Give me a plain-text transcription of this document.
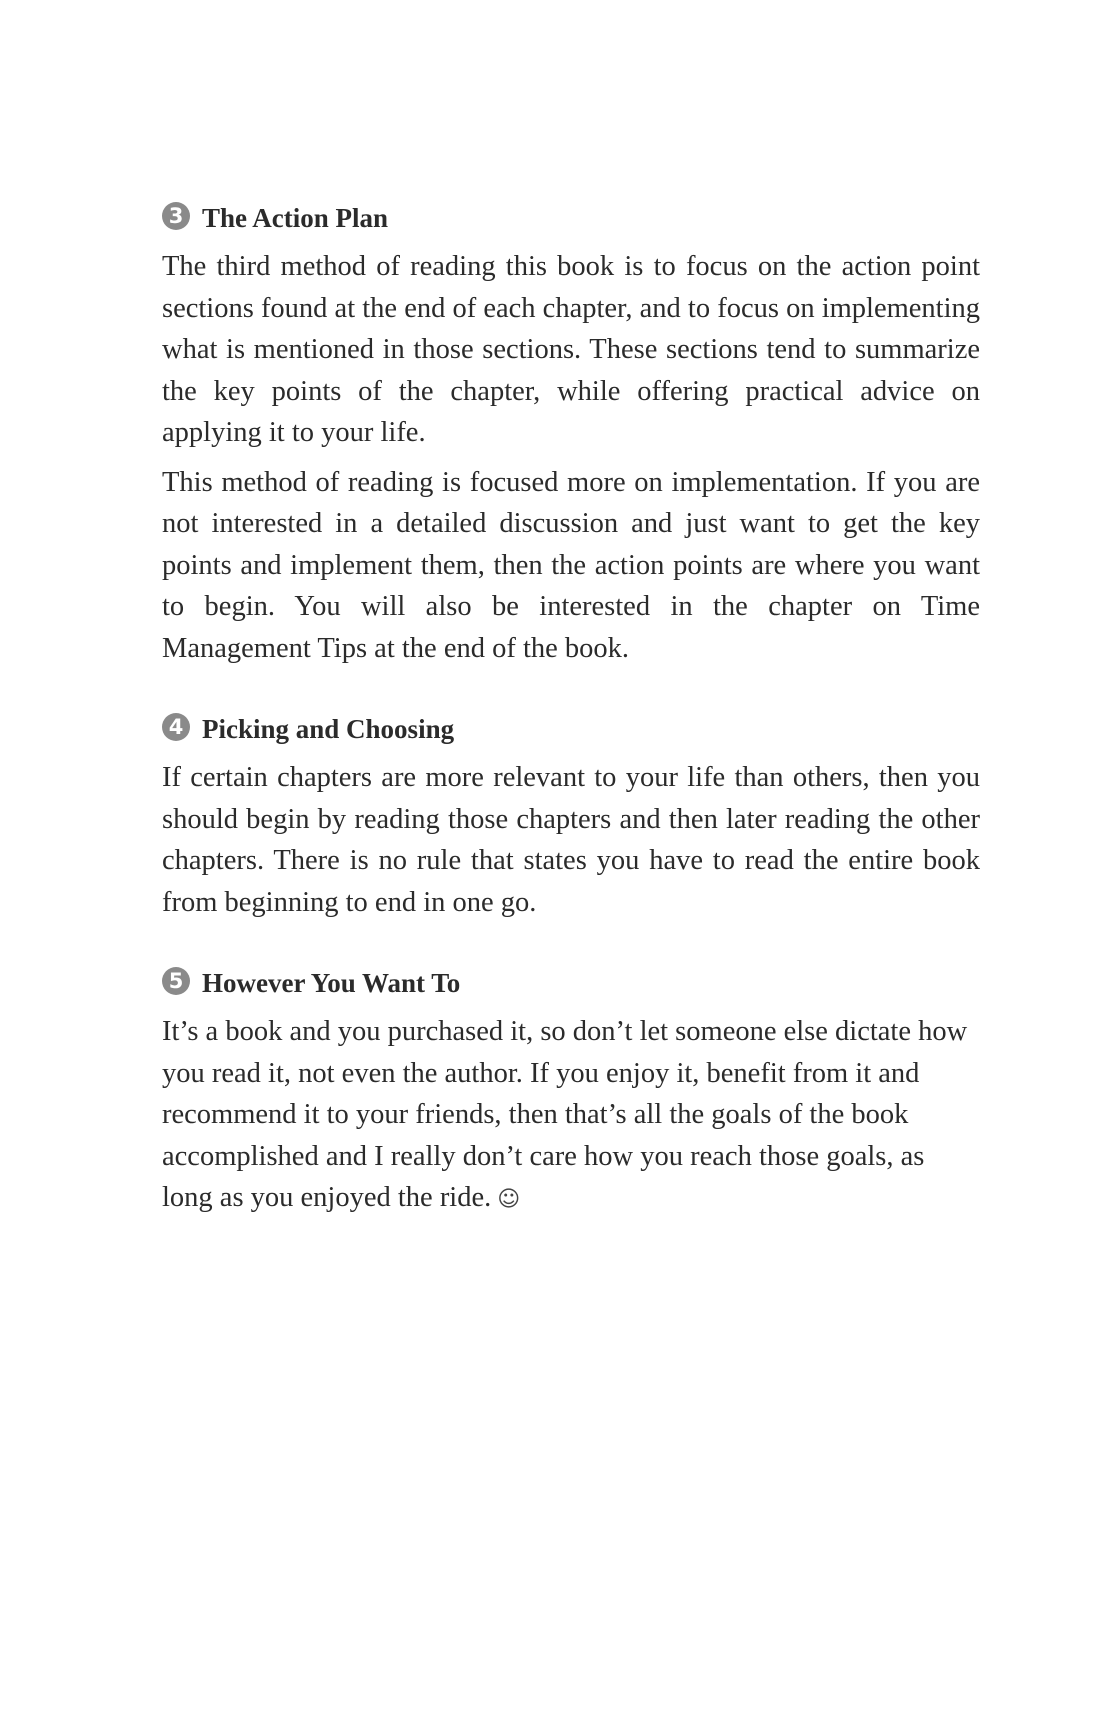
3 The Action Plan

The third method of reading this book is to focus on the action point sections found at the end of each chapter, and to focus on implementing what is mentioned in those sections. These sections tend to summarize the key points of the chapter, while offering practical advice on applying it to your life.

This method of reading is focused more on implementation. If you are not interested in a detailed discussion and just want to get the key points and implement them, then the action points are where you want to begin. You will also be interested in the chapter on Time Management Tips at the end of the book.

4 Picking and Choosing

If certain chapters are more relevant to your life than others, then you should begin by reading those chapters and then later reading the other chapters. There is no rule that states you have to read the entire book from beginning to end in one go.

5 However You Want To

It’s a book and you purchased it, so don’t let someone else dictate how you read it, not even the author. If you enjoy it, benefit from it and recommend it to your friends, then that’s all the goals of the book accomplished and I really don’t care how you reach those goals, as long as you enjoyed the ride. ☺
